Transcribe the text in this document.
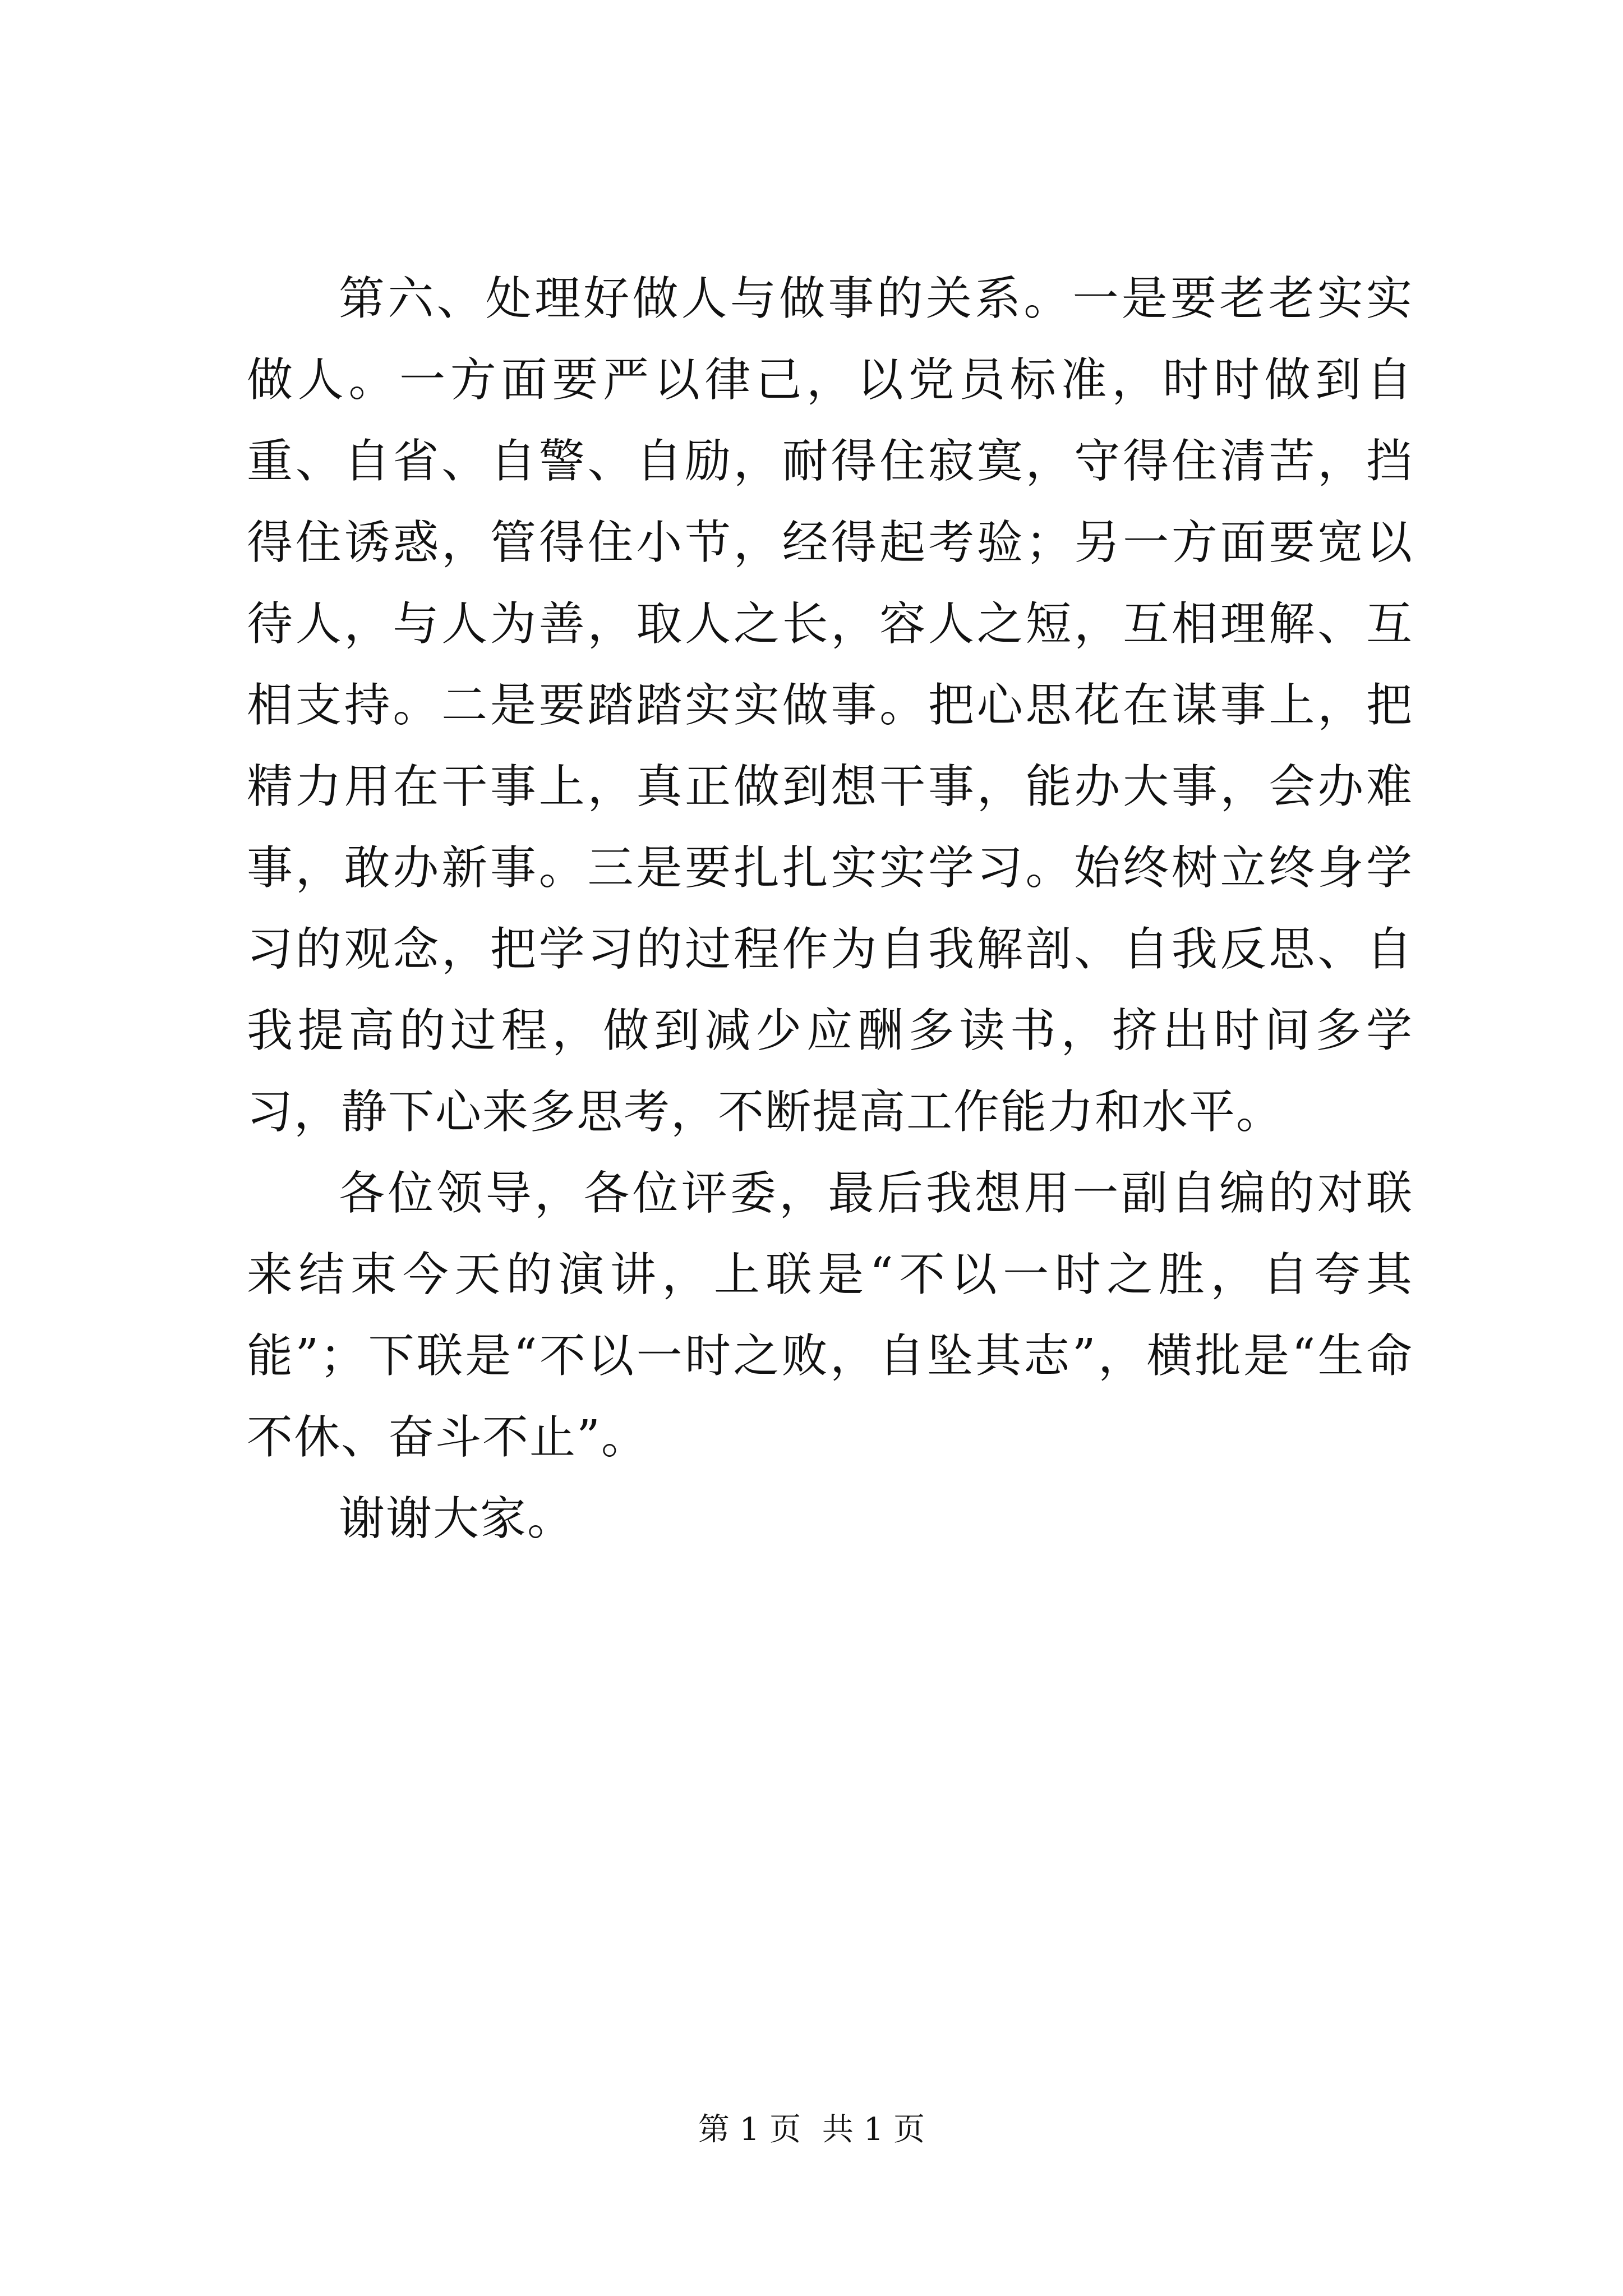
第六、处理好做人与做事的关系。一是要老老实实做人。一方面要严以律己，以党员标准，时时做到自重、自省、自警、自励，耐得住寂寞，守得住清苦，挡得住诱惑，管得住小节，经得起考验；另一方面要宽以待人，与人为善，取人之长，容人之短，互相理解、互相支持。二是要踏踏实实做事。把心思花在谋事上，把精力用在干事上，真正做到想干事，能办大事，会办难事，敢办新事。三是要扎扎实实学习。始终树立终身学习的观念，把学习的过程作为自我解剖、自我反思、自我提高的过程，做到减少应酬多读书，挤出时间多学习，静下心来多思考，不断提高工作能力和水平。

各位领导，各位评委，最后我想用一副自编的对联来结束今天的演讲，上联是“不以一时之胜，自夸其能”；下联是“不以一时之败，自坠其志”，横批是“生命不休、奋斗不止”。

谢谢大家。

第 1 页 共 1 页
